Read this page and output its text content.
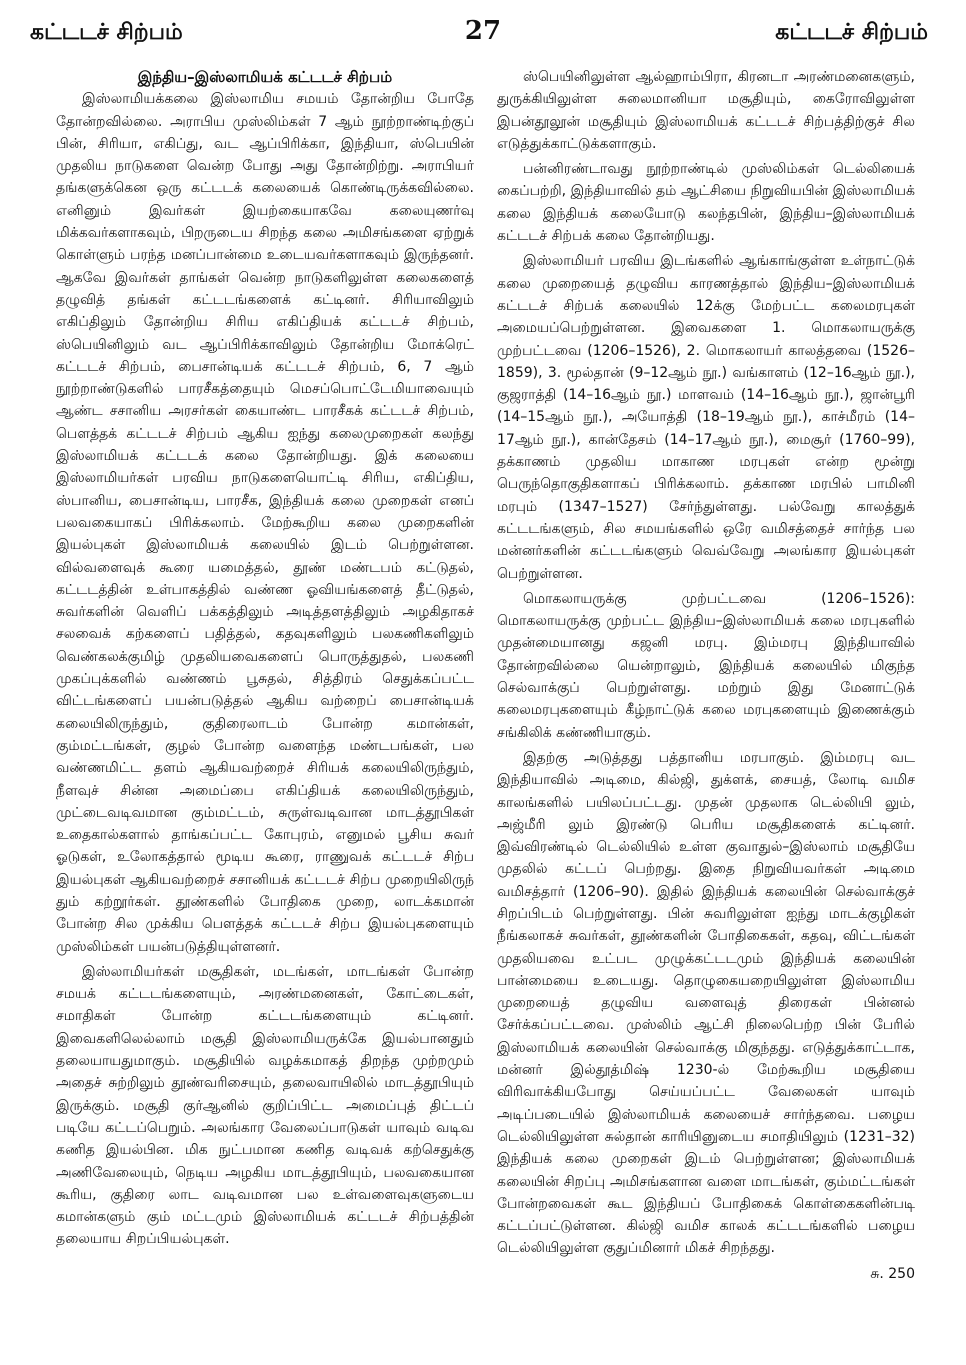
கட்டடச் சிற்பம்	27	கட்டடச் சிற்பம்
இந்திய–இஸ்லாமியக் கட்டடச் சிற்பம்

இஸ்லாமியக்கலை இஸ்லாமிய சமயம் தோன்றிய போதே தோன்றவில்லை. அராபிய முஸ்லிம்கள் 7 ஆம் நூற்றாண்டிற்குப் பின், சிரியா, எகிப்து, வட ஆப்பிரிக்கா, இந்தியா, ஸ்பெயின் முதலிய நாடுகளை வென்ற போது அது தோன்றிற்று. அராபியர் தங்களுக்கென ஒரு கட்டடக் கலையைக் கொண்டிருக்கவில்லை. எனினும் இவர்கள் இயற்கையாகவே கலையுணர்வு மிக்கவர்களாகவும், பிறருடைய சிறந்த கலை அமிசங்களை ஏற்றுக் கொள்ளும் பரந்த மனப்பான்மை உடையவர்களாகவும் இருந்தனர். ஆகவே இவர்கள் தாங்கள் வென்ற நாடுகளிலுள்ள கலைகளைத் தழுவித் தங்கள் கட்டடங்களைக் கட்டினர். சிரியாவிலும் எகிப்திலும் தோன்றிய சிரிய எகிப்தியக் கட்டடச் சிற்பம், ஸ்பெயினிலும் வட ஆப்பிரிக்காவிலும் தோன்றிய மோக்ரெட் கட்டடச் சிற்பம், பைசான்டியக் கட்டடச் சிற்பம், 6, 7 ஆம் நூற்றாண்டுகளில் பாரசீகத்தையும் மெசப்பொட்டேமியாவையும் ஆண்ட சசானிய அரசர்கள் கையாண்ட பாரசீகக் கட்டடச் சிற்பம், பௌத்தக் கட்டடச் சிற்பம் ஆகிய ஐந்து கலைமுறைகள் கலந்து இஸ்லாமியக் கட்டடக் கலை தோன்றியது. இக் கலையை இஸ்லாமியர்கள் பரவிய நாடுகளையொட்டி சிரிய, எகிப்திய, ஸ்பானிய, பைசான்டிய, பாரசீக, இந்தியக் கலை முறைகள் எனப் பலவகையாகப் பிரிக்கலாம். மேற்கூறிய கலை முறைகளின் இயல்புகள் இஸ்லாமியக் கலையில் இடம் பெற்றுள்ளன. வில்வளைவுக் கூரை யமைத்தல், தூண் மண்டபம் கட்டுதல், கட்டடத்தின் உள்பாகத்தில் வண்ண ஓவியங்களைத் தீட்டுதல், சுவர்களின் வெளிப் பக்கத்திலும் அடித்தளத்திலும் அழகிதாகச் சலவைக் கற்களைப் பதித்தல், கதவுகளிலும் பலகணிகளிலும் வெண்கலக்குமிழ் முதலியவைகளைப் பொருத்துதல், பலகணி முகப்புக்களில் வண்ணம் பூசுதல், சித்திரம் செதுக்கப்பட்ட விட்டங்களைப் பயன்படுத்தல் ஆகிய வற்றைப் பைசான்டியக் கலையிலிருந்தும், குதிரைலாடம் போன்ற கமான்கள், கும்மட்டங்கள், குழல் போன்ற வளைந்த மண்டபங்கள், பல வண்ணமிட்ட தளம் ஆகியவற்றைச் சிரியக் கலையிலிருந்தும், நீளவுச் சின்ன அமைப்பை எகிப்தியக் கலையிலிருந்தும், முட்டைவடிவமான கும்மட்டம், சுருள்வடிவான மாடத்தூபிகள் உதைகால்களால் தாங்கப்பட்ட கோபுரம், எனுமல் பூசிய சுவர் ஓடுகள், உலோகத்தால் மூடிய கூரை, ராணுவக் கட்டடச் சிற்ப இயல்புகள் ஆகியவற்றைச் சசானியக் கட்டடச் சிற்ப முறையிலிருந் தும் கற்றூர்கள். தூண்களில் போதிகை முறை, லாடக்கமான் போன்ற சில முக்கிய பௌத்தக் கட்டடச் சிற்ப இயல்புகளையும் முஸ்லிம்கள் பயன்படுத்தியுள்ளனர்.

இஸ்லாமியர்கள் மசூதிகள், மடங்கள், மாடங்கள் போன்ற சமயக் கட்டடங்களையும், அரண்மனைகள், கோட்டைகள், சமாதிகள் போன்ற கட்டடங்களையும் கட்டினர். இவைகளிலெல்லாம் மசூதி இஸ்லாமியருக்கே இயல்பானதும் தலையாயதுமாகும். மசூதியில் வழக்கமாகத் திறந்த முற்றமும் அதைச் சுற்றிலும் தூண்வரிசையும், தலைவாயிலில் மாடத்தூபியும் இருக்கும். மசூதி குர்ஆனில் குறிப்பிட்ட அமைப்புத் திட்டப் படியே கட்டப்பெறும். அலங்கார வேலைப்பாடுகள் யாவும் வடிவ கணித இயல்பின. மிக நுட்பமான கணித வடிவக் கற்செதுக்கு அணிவேலையும், நெடிய அழகிய மாடத்தூபியும், பலவகையான கூரிய, குதிரை லாட வடிவமான பல உள்வளைவுகளுடைய கமான்களும் கும் மட்டமும் இஸ்லாமியக் கட்டடச் சிற்பத்தின் தலையாய சிறப்பியல்புகள்.

ஸ்பெயினிலுள்ள ஆல்ஹாம்பிரா, கிரனடா அரண்மனைகளும், துருக்கியிலுள்ள சுலைமானியா மசூதியும், கைரோவிலுள்ள இபன்தூலூன் மசூதியும் இஸ்லாமியக் கட்டடச் சிற்பத்திற்குச் சில எடுத்துக்காட்டுக்களாகும்.

பன்னிரண்டாவது நூற்றாண்டில் முஸ்லிம்கள் டெல்லியைக் கைப்பற்றி, இந்தியாவில் தம் ஆட்சியை நிறுவியபின் இஸ்லாமியக் கலை இந்தியக் கலையோடு கலந்தபின், இந்திய–இஸ்லாமியக் கட்டடச் சிற்பக் கலை தோன்றியது.

இஸ்லாமியர் பரவிய இடங்களில் ஆங்காங்குள்ள உள்நாட்டுக் கலை முறையைத் தழுவிய காரணத்தால் இந்திய–இஸ்லாமியக் கட்டடச் சிற்பக் கலையில் 12க்கு மேற்பட்ட கலைமரபுகள் அமையப்பெற்றுள்ளன. இவைகளை 1. மொகலாயருக்கு முற்பட்டவை (1206–1526), 2. மொகலாயர் காலத்தவை (1526–1859), 3. மூல்தான் (9–12ஆம் நூ.) வங்காளம் (12–16ஆம் நூ.), குஜராத்தி (14–16ஆம் நூ.) மாளவம் (14–16ஆம் நூ.), ஜான்பூரி (14–15ஆம் நூ.), அயோத்தி (18–19ஆம் நூ.), காச்மீரம் (14–17ஆம் நூ.), கான்தேசம் (14–17ஆம் நூ.), மைசூர் (1760–99), தக்காணம் முதலிய மாகாண மரபுகள் என்ற மூன்று பெருந்தொகுதிகளாகப் பிரிக்கலாம். தக்காண மரபில் பாமினி மரபும் (1347–1527) சேர்ந்துள்ளது. பல்வேறு காலத்துக் கட்டடங்களும், சில சமயங்களில் ஒரே வமிசத்தைச் சார்ந்த பல மன்னர்களின் கட்டடங்களும் வெவ்வேறு அலங்கார இயல்புகள் பெற்றுள்ளன.

மொகலாயருக்கு முற்பட்டவை (1206–1526): மொகலாயருக்கு முற்பட்ட இந்திய–இஸ்லாமியக் கலை மரபுகளில் முதன்மையானது கஜனி மரபு. இம்மரபு இந்தியாவில் தோன்றவில்லை யென்றாலும், இந்தியக் கலையில் மிகுந்த செல்வாக்குப் பெற்றுள்ளது. மற்றும் இது மேனாட்டுக் கலைமரபுகளையும் கீழ்நாட்டுக் கலை மரபுகளையும் இணைக்கும் சங்கிலிக் கண்ணியாகும்.

இதற்கு அடுத்தது பத்தானிய மரபாகும். இம்மரபு வட இந்தியாவில் அடிமை, கில்ஜி, துக்ளக், சையத், லோடி வமிச காலங்களில் பயிலப்பட்டது. முதன் முதலாக டெல்லியி லும், அஜ்மீரி லும் இரண்டு பெரிய மசூதிகளைக் கட்டினர். இவ்விரண்டில் டெல்லியில் உள்ள குவாதுல்–இஸ்லாம் மசூதியே முதலில் கட்டப் பெற்றது. இதை நிறுவியவர்கள் அடிமை வமிசத்தார் (1206–90). இதில் இந்தியக் கலையின் செல்வாக்குச் சிறப்பிடம் பெற்றுள்ளது. பின் சுவரிலுள்ள ஐந்து மாடக்குழிகள் நீங்கலாகச் சுவர்கள், தூண்களின் போதிகைகள், கதவு, விட்டங்கள் முதலியவை உட்பட முழுக்கட்டடமும் இந்தியக் கலையின் பான்மையை உடையது. தொழுகையறையிலுள்ள இஸ்லாமிய முறையைத் தழுவிய வளைவுத் திரைகள் பின்னல் சேர்க்கப்பட்டவை. முஸ்லிம் ஆட்சி நிலைபெற்ற பின் பேரில் இஸ்லாமியக் கலையின் செல்வாக்கு மிகுந்தது. எடுத்துக்காட்டாக, மன்னர் இல்தூத்மிஷ் 1230-ல் மேற்கூறிய மசூதியை விரிவாக்கியபோது செய்யப்பட்ட வேலைகள் யாவும் அடிப்படையில் இஸ்லாமியக் கலையைச் சார்ந்தவை. பழைய டெல்லியிலுள்ள சுல்தான் காரியினுடைய சமாதியிலும் (1231–32) இந்தியக் கலை முறைகள் இடம் பெற்றுள்ளன; இஸ்லாமியக் கலையின் சிறப்பு அமிசங்களான வளை மாடங்கள், கும்மட்டங்கள் போன்றவைகள் கூட இந்தியப் போதிகைக் கொள்கைகளின்படி கட்டப்பட்டுள்ளன. கில்ஜி வமிச காலக் கட்டடங்களில் பழைய டெல்லியிலுள்ள குதுப்மினார் மிகச் சிறந்தது.

சு. 250
